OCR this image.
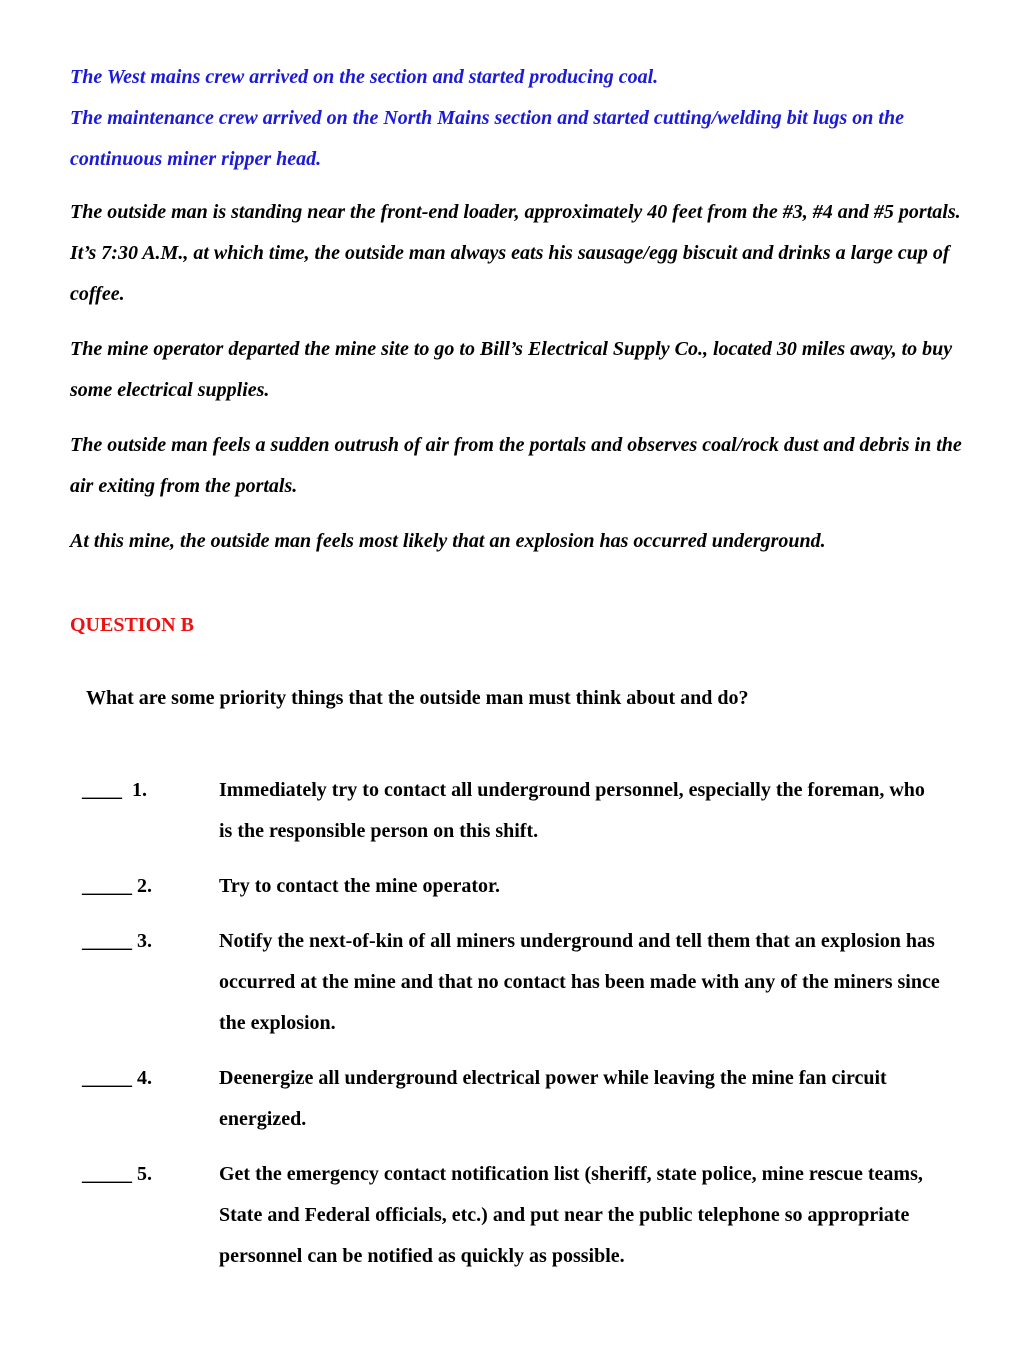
The West mains crew arrived on the section and started producing coal.

The maintenance crew arrived on the North Mains section and started cutting/welding bit lugs on the continuous miner ripper head.

The outside man is standing near the front-end loader, approximately 40 feet from the #3, #4 and #5 portals. It’s 7:30 A.M., at which time, the outside man always eats his sausage/egg biscuit and drinks a large cup of coffee.

The mine operator departed the mine site to go to Bill’s Electrical Supply Co., located 30 miles away, to buy some electrical supplies.

The outside man feels a sudden outrush of air from the portals and observes coal/rock dust and debris in the air exiting from the portals.

At this mine, the outside man feels most likely that an explosion has occurred underground.

QUESTION B
What are some priority things that the outside man must think about and do?
____  1.	Immediately try to contact all underground personnel, especially the foreman, who is the responsible person on this shift.
_____ 2.	Try to contact the mine operator.
_____ 3.	Notify the next-of-kin of all miners underground and tell them that an explosion has occurred at the mine and that no contact has been made with any of the miners since the explosion.
_____ 4.	Deenergize all underground electrical power while leaving the mine fan circuit energized.
_____ 5.	Get the emergency contact notification list (sheriff, state police, mine rescue teams, State and Federal officials, etc.) and put near the public telephone so appropriate personnel can be notified as quickly as possible.
